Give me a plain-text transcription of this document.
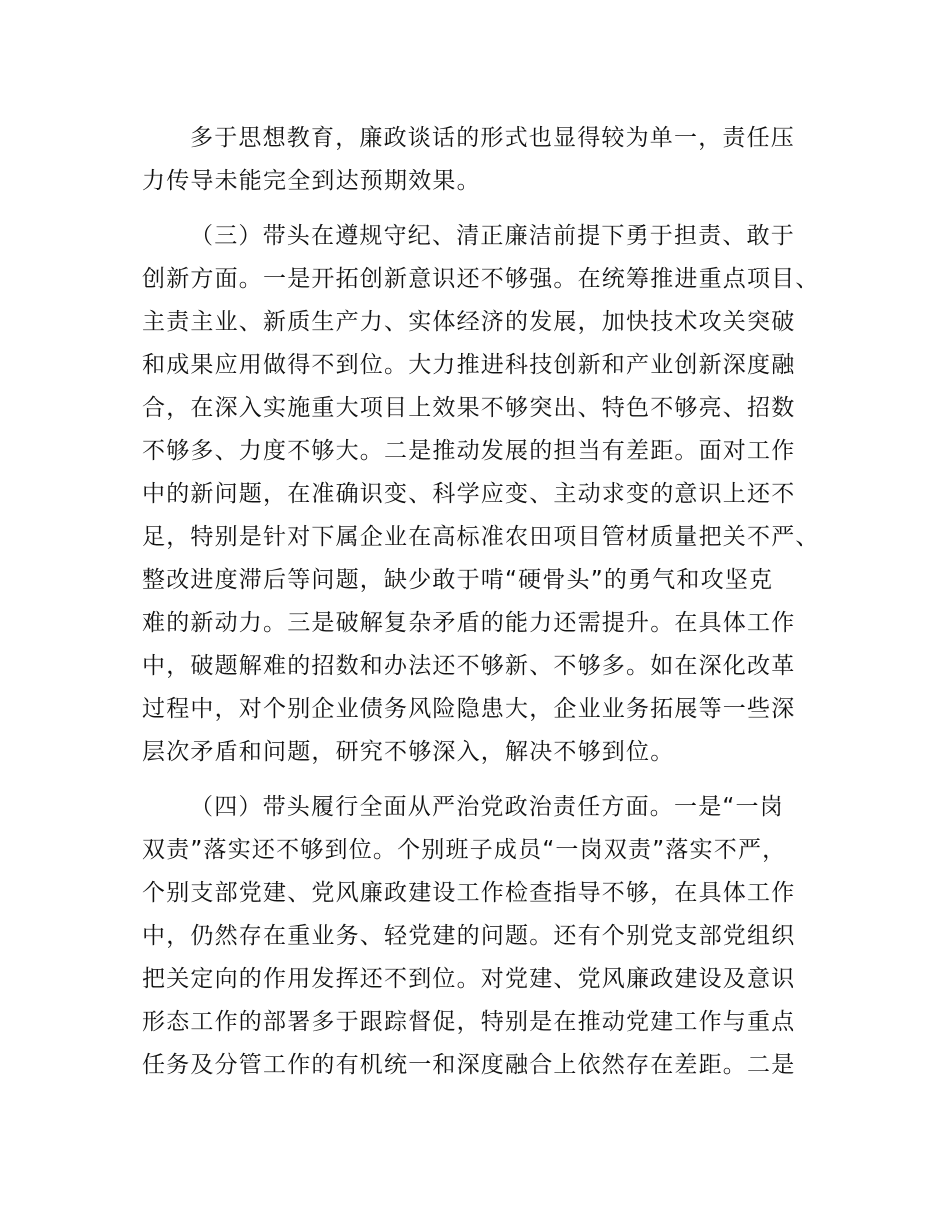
多于思想教育，廉政谈话的形式也显得较为单一，责任压
力传导未能完全到达预期效果。
（三）带头在遵规守纪、清正廉洁前提下勇于担责、敢于
创新方面。一是开拓创新意识还不够强。在统筹推进重点项目、
主责主业、新质生产力、实体经济的发展，加快技术攻关突破
和成果应用做得不到位。大力推进科技创新和产业创新深度融
合，在深入实施重大项目上效果不够突出、特色不够亮、招数
不够多、力度不够大。二是推动发展的担当有差距。面对工作
中的新问题，在准确识变、科学应变、主动求变的意识上还不
足，特别是针对下属企业在高标准农田项目管材质量把关不严、
整改进度滞后等问题，缺少敢于啃“硬骨头”的勇气和攻坚克
难的新动力。三是破解复杂矛盾的能力还需提升。在具体工作
中，破题解难的招数和办法还不够新、不够多。如在深化改革
过程中，对个别企业债务风险隐患大，企业业务拓展等一些深
层次矛盾和问题，研究不够深入，解决不够到位。
（四）带头履行全面从严治党政治责任方面。一是“一岗
双责”落实还不够到位。个别班子成员“一岗双责”落实不严，
个别支部党建、党风廉政建设工作检查指导不够，在具体工作
中，仍然存在重业务、轻党建的问题。还有个别党支部党组织
把关定向的作用发挥还不到位。对党建、党风廉政建设及意识
形态工作的部署多于跟踪督促，特别是在推动党建工作与重点
任务及分管工作的有机统一和深度融合上依然存在差距。二是
